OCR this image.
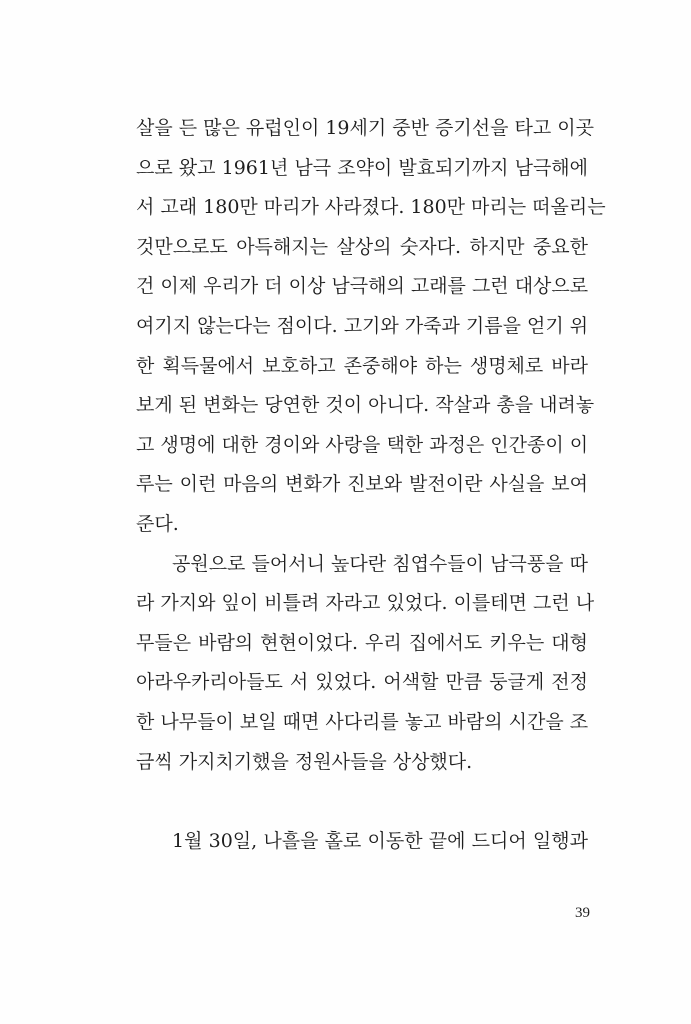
살을 든 많은 유럽인이 19세기 중반 증기선을 타고 이곳
으로 왔고 1961년 남극 조약이 발효되기까지 남극해에
서 고래 180만 마리가 사라졌다. 180만 마리는 떠올리는
것만으로도 아득해지는 살상의 숫자다. 하지만 중요한
건 이제 우리가 더 이상 남극해의 고래를 그런 대상으로
여기지 않는다는 점이다. 고기와 가죽과 기름을 얻기 위
한 획득물에서 보호하고 존중해야 하는 생명체로 바라
보게 된 변화는 당연한 것이 아니다. 작살과 총을 내려놓
고 생명에 대한 경이와 사랑을 택한 과정은 인간종이 이
루는 이런 마음의 변화가 진보와 발전이란 사실을 보여
준다.
공원으로 들어서니 높다란 침엽수들이 남극풍을 따
라 가지와 잎이 비틀려 자라고 있었다. 이를테면 그런 나
무들은 바람의 현현이었다. 우리 집에서도 키우는 대형
아라우카리아들도 서 있었다. 어색할 만큼 둥글게 전정
한 나무들이 보일 때면 사다리를 놓고 바람의 시간을 조
금씩 가지치기했을 정원사들을 상상했다.
1월 30일, 나흘을 홀로 이동한 끝에 드디어 일행과
39
